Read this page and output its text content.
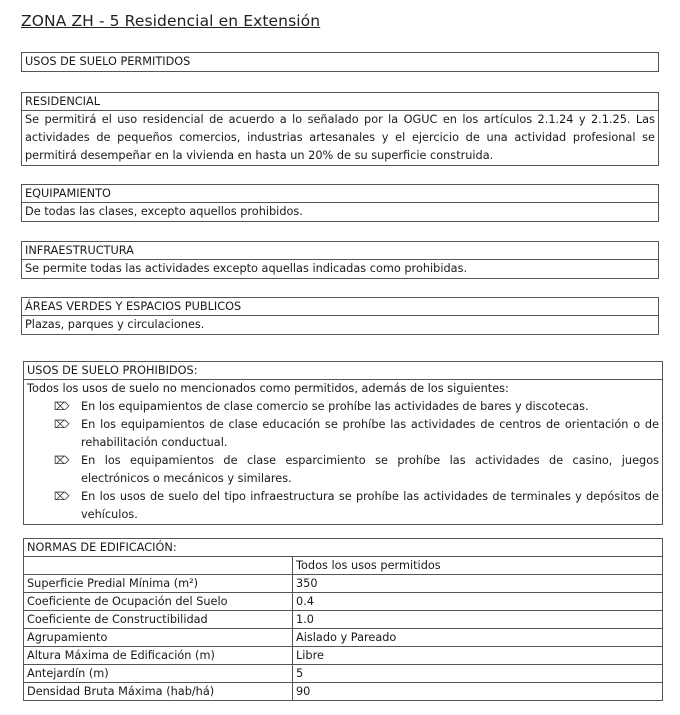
ZONA ZH - 5 Residencial en Extensión
USOS DE SUELO PERMITIDOS
RESIDENCIAL
Se permitirá el uso residencial de acuerdo a lo señalado por la OGUC en los artículos 2.1.24 y 2.1.25. Las actividades de pequeños comercios, industrias artesanales y el ejercicio de una actividad profesional se permitirá desempeñar en la vivienda en hasta un 20% de su superficie construida.
EQUIPAMIENTO
De todas las clases, excepto aquellos prohibidos.
INFRAESTRUCTURA
Se permite todas las actividades excepto aquellas indicadas como prohibidas.
ÁREAS VERDES Y ESPACIOS PUBLICOS
Plazas, parques y circulaciones.
USOS DE SUELO PROHIBIDOS:
Todos los usos de suelo no mencionados como permitidos, además de los siguientes:
⌦ En los equipamientos de clase comercio se prohíbe las actividades de bares y discotecas.
⌦ En los equipamientos de clase educación se prohíbe las actividades de centros de orientación o de rehabilitación conductual.
⌦ En los equipamientos de clase esparcimiento se prohíbe las actividades de casino, juegos electrónicos o mecánicos y similares.
⌦ En los usos de suelo del tipo infraestructura se prohíbe las actividades de terminales y depósitos de vehículos.
NORMAS DE EDIFICACIÓN:	
	Todos los usos permitidos
Superficie Predial Mínima (m²)	350
Coeficiente de Ocupación del Suelo	0.4
Coeficiente de Constructibilidad	1.0
Agrupamiento	Aislado y Pareado
Altura Máxima de Edificación (m)	Libre
Antejardín (m)	5
Densidad Bruta Máxima (hab/há)	90
